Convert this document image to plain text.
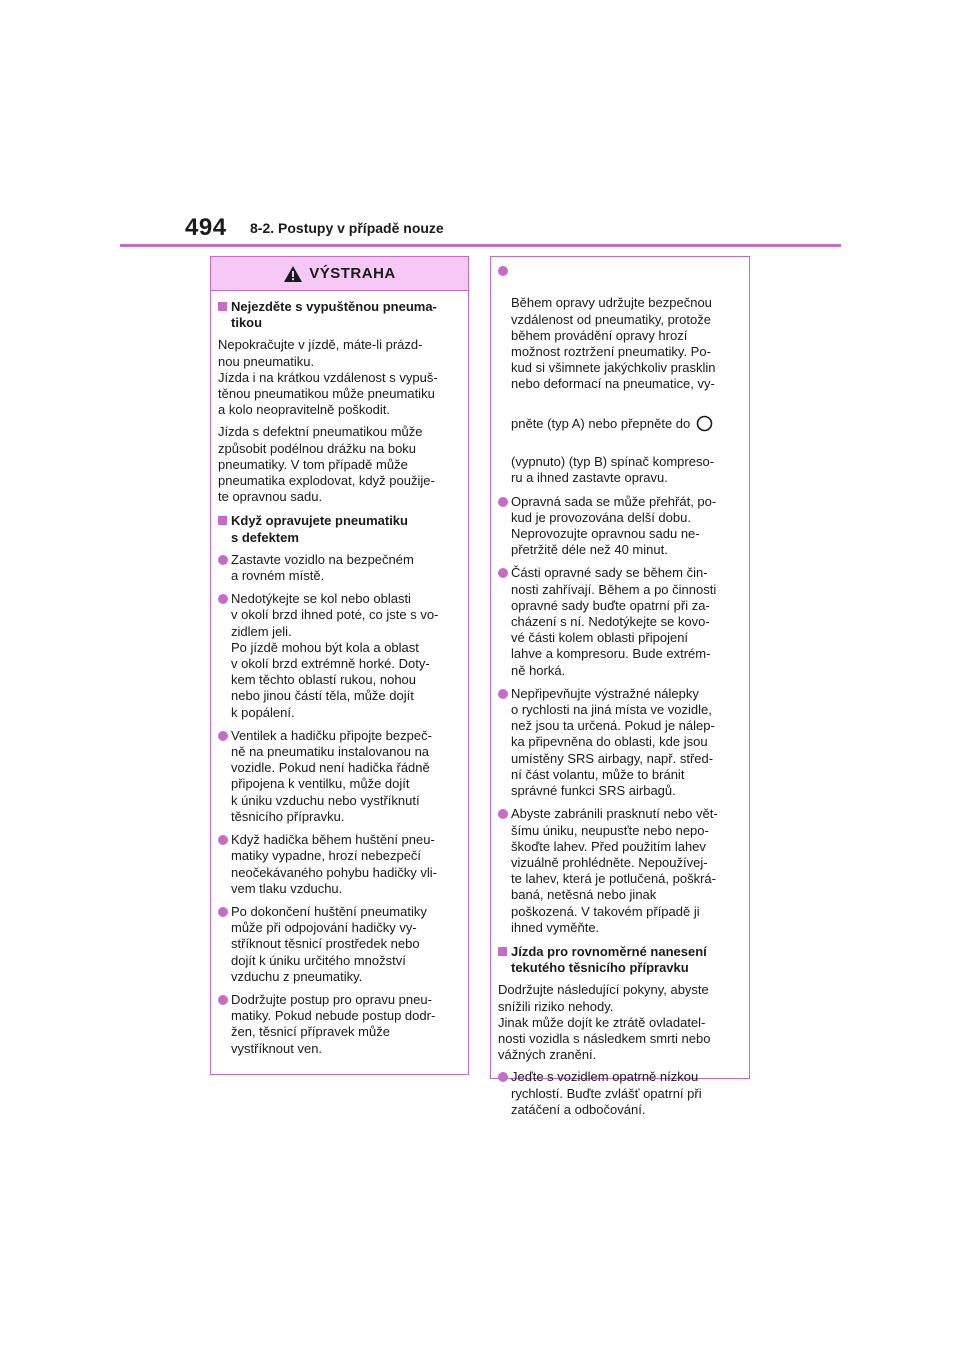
494 8-2. Postupy v případě nouze
VÝSTRAHA
Nejezděte s vypuštěnou pneuma-
tikou
Nepokračujte v jízdě, máte-li prázd-
nou pneumatiku.
Jízda i na krátkou vzdálenost s vypuš-
těnou pneumatikou může pneumatiku
a kolo neopravitelně poškodit.
Jízda s defektní pneumatikou může
způsobit podélnou drážku na boku
pneumatiky. V tom případě může
pneumatika explodovat, když použije-
te opravnou sadu.
Když opravujete pneumatiku
s defektem
Zastavte vozidlo na bezpečném
a rovném místě.
Nedotýkejte se kol nebo oblasti
v okolí brzd ihned poté, co jste s vo-
zidlem jeli.
Po jízdě mohou být kola a oblast
v okolí brzd extrémně horké. Doty-
kem těchto oblastí rukou, nohou
nebo jinou částí těla, může dojít
k popálení.
Ventilek a hadičku připojte bezpeč-
ně na pneumatiku instalovanou na
vozidle. Pokud není hadička řádně
připojena k ventilku, může dojít
k úniku vzduchu nebo vystříknutí
těsnicího přípravku.
Když hadička během huštění pneu-
matiky vypadne, hrozí nebezpečí
neočekávaného pohybu hadičky vli-
vem tlaku vzduchu.
Po dokončení huštění pneumatiky
může při odpojování hadičky vy-
stříknout těsnicí prostředek nebo
dojít k úniku určitého množství
vzduchu z pneumatiky.
Dodržujte postup pro opravu pneu-
matiky. Pokud nebude postup dodr-
žen, těsnicí přípravek může
vystříknout ven.

Během opravy udržujte bezpečnou
vzdálenost od pneumatiky, protože
během provádění opravy hrozí
možnost roztržení pneumatiky. Po-
kud si všimnete jakýchkoliv prasklin
nebo deformací na pneumatice, vy-

pněte (typ A) nebo přepněte do

(vypnuto) (typ B) spínač kompreso-
ru a ihned zastavte opravu.

Opravná sada se může přehřát, po-
kud je provozována delší dobu.
Neprovozujte opravnou sadu ne-
přetržitě déle než 40 minut.
Části opravné sady se během čin-
nosti zahřívají. Během a po činnosti
opravné sady buďte opatrní při za-
cházení s ní. Nedotýkejte se kovo-
vé části kolem oblasti připojení
lahve a kompresoru. Bude extrém-
ně horká.
Nepřipevňujte výstražné nálepky
o rychlosti na jiná místa ve vozidle,
než jsou ta určená. Pokud je nálep-
ka připevněna do oblasti, kde jsou
umístěny SRS airbagy, např. střed-
ní část volantu, může to bránit
správné funkci SRS airbagů.
Abyste zabránili prasknutí nebo vět-
šímu úniku, neupusťte nebo nepo-
škoďte lahev. Před použitím lahev
vizuálně prohlédněte. Nepoužívej-
te lahev, která je potlučená, poškrá-
baná, netěsná nebo jinak
poškozená. V takovém případě ji
ihned vyměňte.
Jízda pro rovnoměrné nanesení
tekutého těsnicího přípravku
Dodržujte následující pokyny, abyste
snížili riziko nehody.
Jinak může dojít ke ztrátě ovladatel-
nosti vozidla s následkem smrti nebo
vážných zranění.
Jeďte s vozidlem opatrně nízkou
rychlostí. Buďte zvlášť opatrní při
zatáčení a odbočování.
